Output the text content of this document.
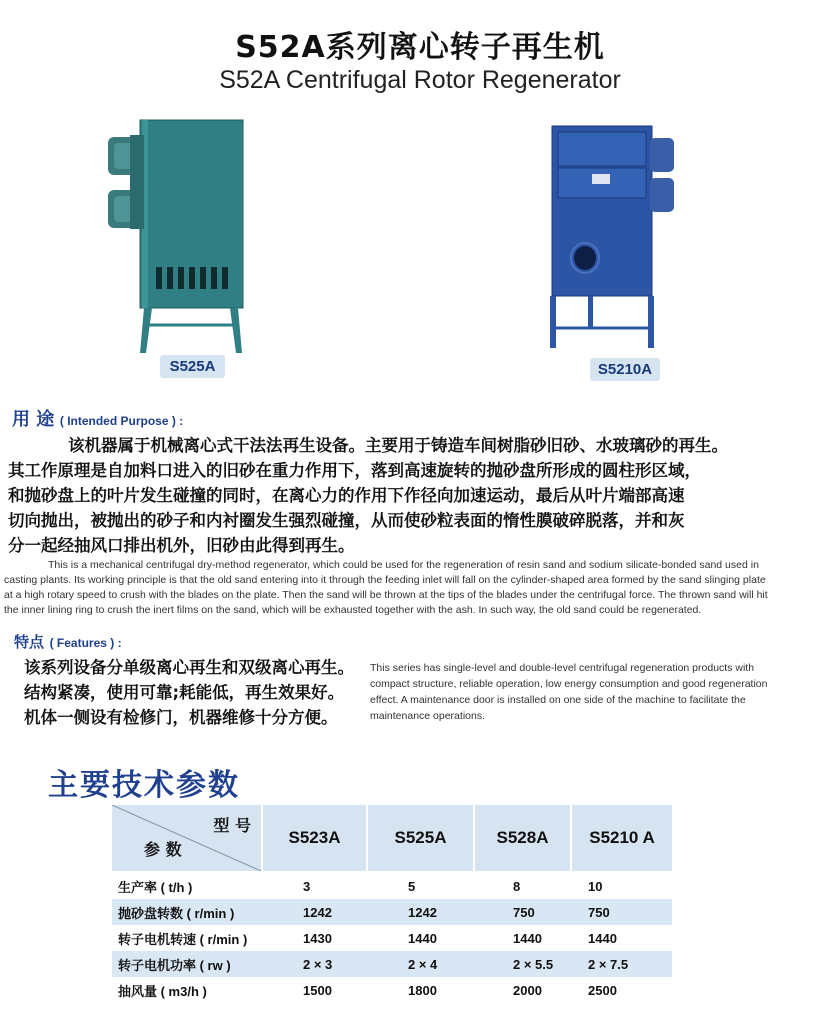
S52A系列离心转子再生机
S52A Centrifugal Rotor Regenerator
S525A	S5210A
用 途 ( Intended Purpose ) :
该机器属于机械离心式干法法再生设备。主要用于铸造车间树脂砂旧砂、水玻璃砂的再生。
其工作原理是自加料口进入的旧砂在重力作用下，落到高速旋转的抛砂盘所形成的圆柱形区域，
和抛砂盘上的叶片发生碰撞的同时，在离心力的作用下作径向加速运动，最后从叶片端部高速
切向抛出，被抛出的砂子和内衬圈发生强烈碰撞，从而使砂粒表面的惰性膜破碎脱落，并和灰
分一起经抽风口排出机外，旧砂由此得到再生。
This is a mechanical centrifugal dry-method regenerator, which could be used for the regeneration of resin sand and sodium silicate-bonded sand used in
casting plants. Its working principle is that the old sand entering into it through the feeding inlet will fall on the cylinder-shaped area formed by the sand slinging plate
at a high rotary speed to crush with the blades on the plate. Then the sand will be thrown at the tips of the blades under the centrifugal force. The thrown sand will hit
the inner lining ring to crush the inert films on the sand, which will be exhausted together with the ash. In such way, the old sand could be regenerated.
特点 ( Features ) :
该系列设备分单级离心再生和双级离心再生。
结构紧凑，使用可靠;耗能低，再生效果好。
机体一侧设有检修门，机器维修十分方便。
This series has single-level and double-level centrifugal regeneration products with
compact structure, reliable operation, low energy consumption and good regeneration
effect. A maintenance door is installed on one side of the machine to facilitate the
maintenance operations.
主要技术参数
型 号
参 数
S523A	S525A	S528A	S5210 A
生产率 ( t/h )	3	5	8	10
抛砂盘转数 ( r/min )	1242	1242	750	750
转子电机转速 ( r/min )	1430	1440	1440	1440
转子电机功率 ( rw )	2 × 3	2 × 4	2 × 5.5	2 × 7.5
抽风量 ( m3/h )	1500	1800	2000	2500
